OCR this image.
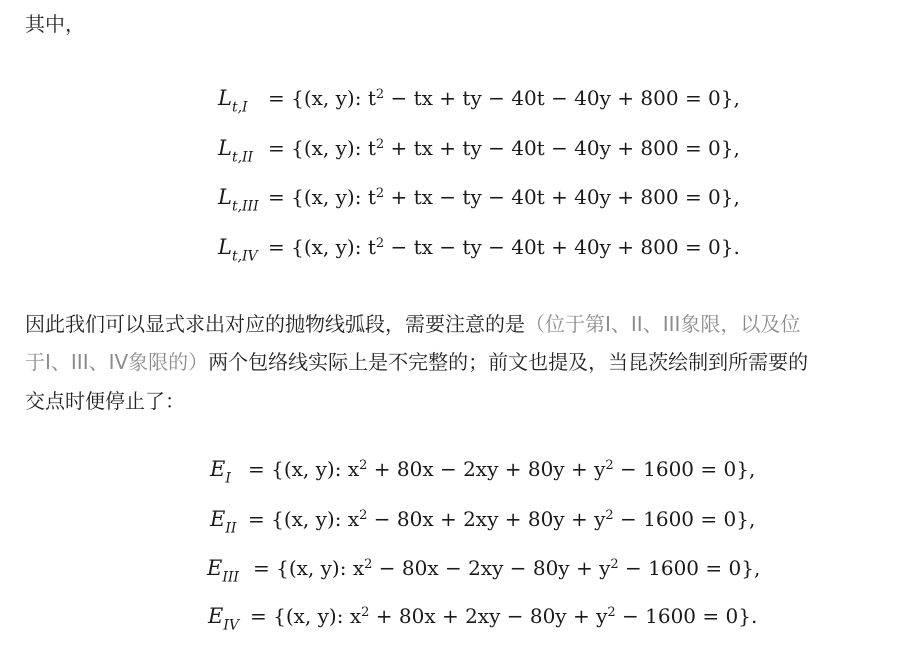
其中，
$L_{t,I} = \{(x$, y): $t^2$ − tx + ty − 40t − 40y + 800 = 0},
$L_{t,II} = \{(x$, y): $t^2$ + tx + ty − 40t − 40y + 800 = 0},
$L_{t,III} = \{(x$, y): $t^2$ + tx − ty − 40t + 40y + 800 = 0},
$L_{t,IV} = \{(x$, y): $t^2$ − tx − ty − 40t + 40y + 800 = 0}.
因此我们可以显式求出对应的抛物线弧段，需要注意的是（位于第I、II、III象限，以及位
于I、III、IV象限的）两个包络线实际上是不完整的；前文也提及，当昆茨绘制到所需要的
交点时便停止了：
$E_I = \{(x$, y): $x^2 + 80x - 2xy + 80y + y^2 - 1600 = 0$},
$E_{II} = \{(x$, y): $x^2 - 80x + 2xy + 80y + y^2 - 1600 = 0$},
$E_{III} = \{(x$, y): $x^2 - 80x - 2xy - 80y + y^2 - 1600 = 0$},
$E_{IV} = \{(x$, y): $x^2 + 80x + 2xy - 80y + y^2 - 1600 = 0$}.
